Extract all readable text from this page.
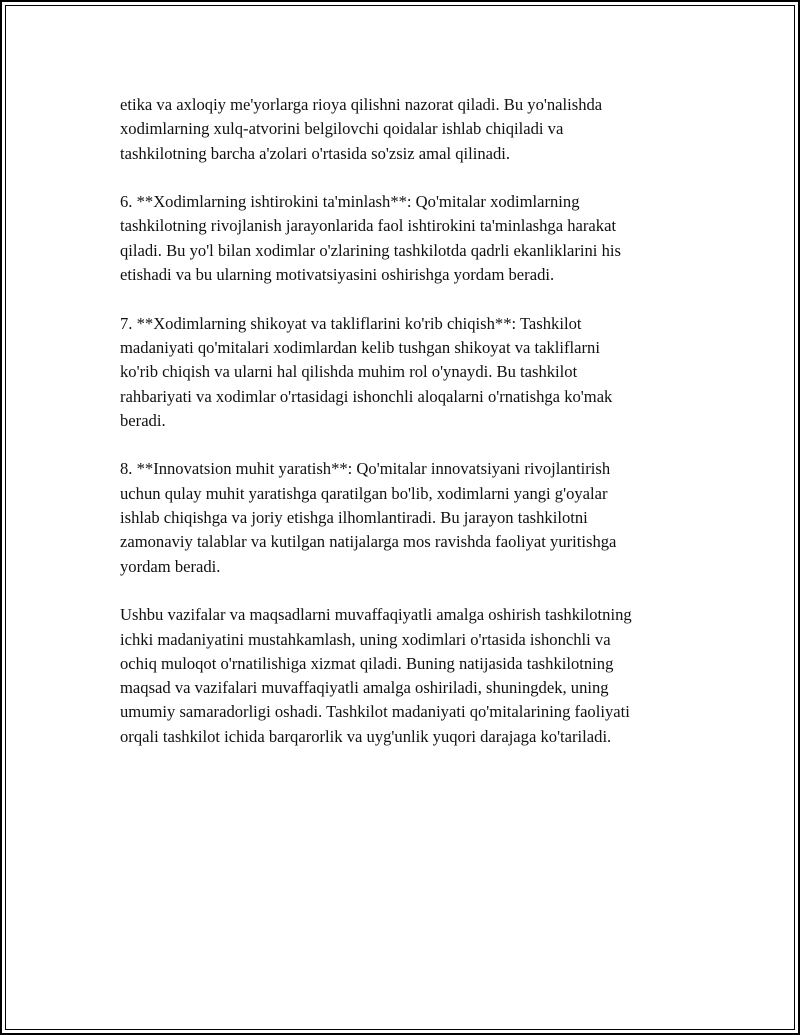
etika va axloqiy me'yorlarga rioya qilishni nazorat qiladi. Bu yo'nalishda
xodimlarning xulq-atvorini belgilovchi qoidalar ishlab chiqiladi va
tashkilotning barcha a'zolari o'rtasida so'zsiz amal qilinadi.

6. **Xodimlarning ishtirokini ta'minlash**: Qo'mitalar xodimlarning
tashkilotning rivojlanish jarayonlarida faol ishtirokini ta'minlashga harakat
qiladi. Bu yo'l bilan xodimlar o'zlarining tashkilotda qadrli ekanliklarini his
etishadi va bu ularning motivatsiyasini oshirishga yordam beradi.

7. **Xodimlarning shikoyat va takliflarini ko'rib chiqish**: Tashkilot
madaniyati qo'mitalari xodimlardan kelib tushgan shikoyat va takliflarni
ko'rib chiqish va ularni hal qilishda muhim rol o'ynaydi. Bu tashkilot
rahbariyati va xodimlar o'rtasidagi ishonchli aloqalarni o'rnatishga ko'mak
beradi.

8. **Innovatsion muhit yaratish**: Qo'mitalar innovatsiyani rivojlantirish
uchun qulay muhit yaratishga qaratilgan bo'lib, xodimlarni yangi g'oyalar
ishlab chiqishga va joriy etishga ilhomlantiradi. Bu jarayon tashkilotni
zamonaviy talablar va kutilgan natijalarga mos ravishda faoliyat yuritishga
yordam beradi.

Ushbu vazifalar va maqsadlarni muvaffaqiyatli amalga oshirish tashkilotning
ichki madaniyatini mustahkamlash, uning xodimlari o'rtasida ishonchli va
ochiq muloqot o'rnatilishiga xizmat qiladi. Buning natijasida tashkilotning
maqsad va vazifalari muvaffaqiyatli amalga oshiriladi, shuningdek, uning
umumiy samaradorligi oshadi. Tashkilot madaniyati qo'mitalarining faoliyati
orqali tashkilot ichida barqarorlik va uyg'unlik yuqori darajaga ko'tariladi.
